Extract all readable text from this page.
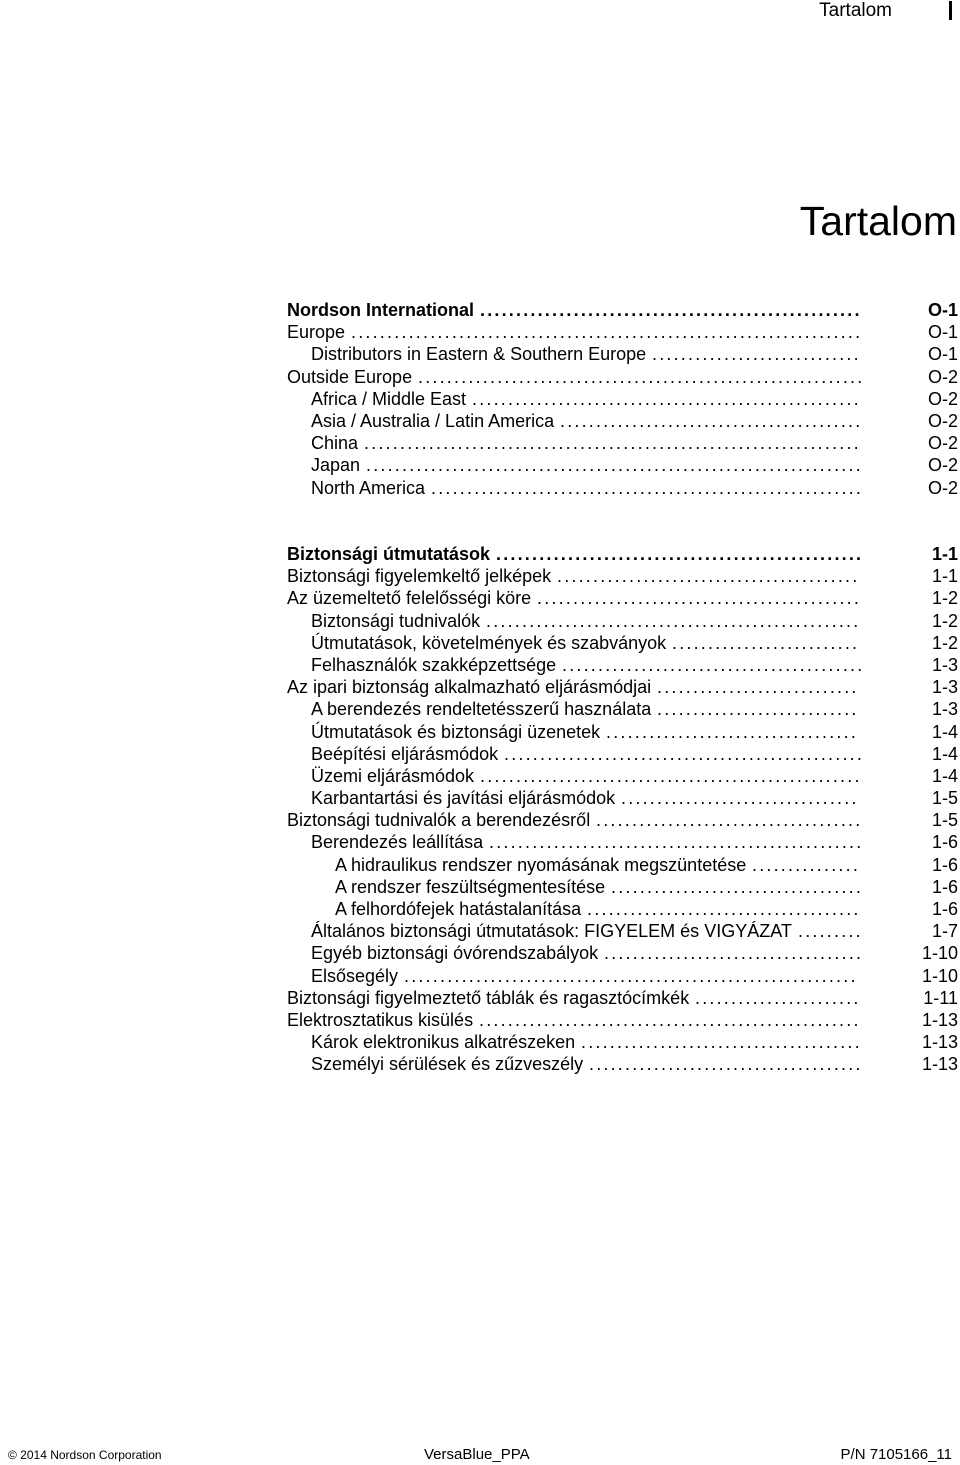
Tartalom
Tartalom
Nordson International .....................................................	O-1
Europe .......................................................................	O-1
Distributors in Eastern & Southern Europe .............................	O-1
Outside Europe ..............................................................	O-2
Africa / Middle East ......................................................	O-2
Asia / Australia / Latin America ..........................................	O-2
China .....................................................................	O-2
Japan .....................................................................	O-2
North America ............................................................	O-2
Biztonsági útmutatások ...................................................	1-1
Biztonsági figyelemkeltő jelképek ..........................................	1-1
Az üzemeltető felelősségi köre .............................................	1-2
Biztonsági tudnivalók ....................................................	1-2
Útmutatások, követelmények és szabványok ..........................	1-2
Felhasználók szakképzettsége ..........................................	1-3
Az ipari biztonság alkalmazható eljárásmódjai ............................	1-3
A berendezés rendeltetésszerű használata ............................	1-3
Útmutatások és biztonsági üzenetek ...................................	1-4
Beépítési eljárásmódok ..................................................	1-4
Üzemi eljárásmódok .....................................................	1-4
Karbantartási és javítási eljárásmódok .................................	1-5
Biztonsági tudnivalók a berendezésről .....................................	1-5
Berendezés leállítása ....................................................	1-6
A hidraulikus rendszer nyomásának megszüntetése ...............	1-6
A rendszer feszültségmentesítése ...................................	1-6
A felhordófejek hatástalanítása ......................................	1-6
Általános biztonsági útmutatások: FIGYELEM és VIGYÁZAT .........	1-7
Egyéb biztonsági óvórendszabályok ....................................	1-10
Elsősegély ...............................................................	1-10
Biztonsági figyelmeztető táblák és ragasztócímkék .......................	1-11
Elektrosztatikus kisülés .....................................................	1-13
Károk elektronikus alkatrészeken .......................................	1-13
Személyi sérülések és zűzveszély ......................................	1-13
© 2014 Nordson Corporation	VersaBlue_PPA	P/N 7105166_11
